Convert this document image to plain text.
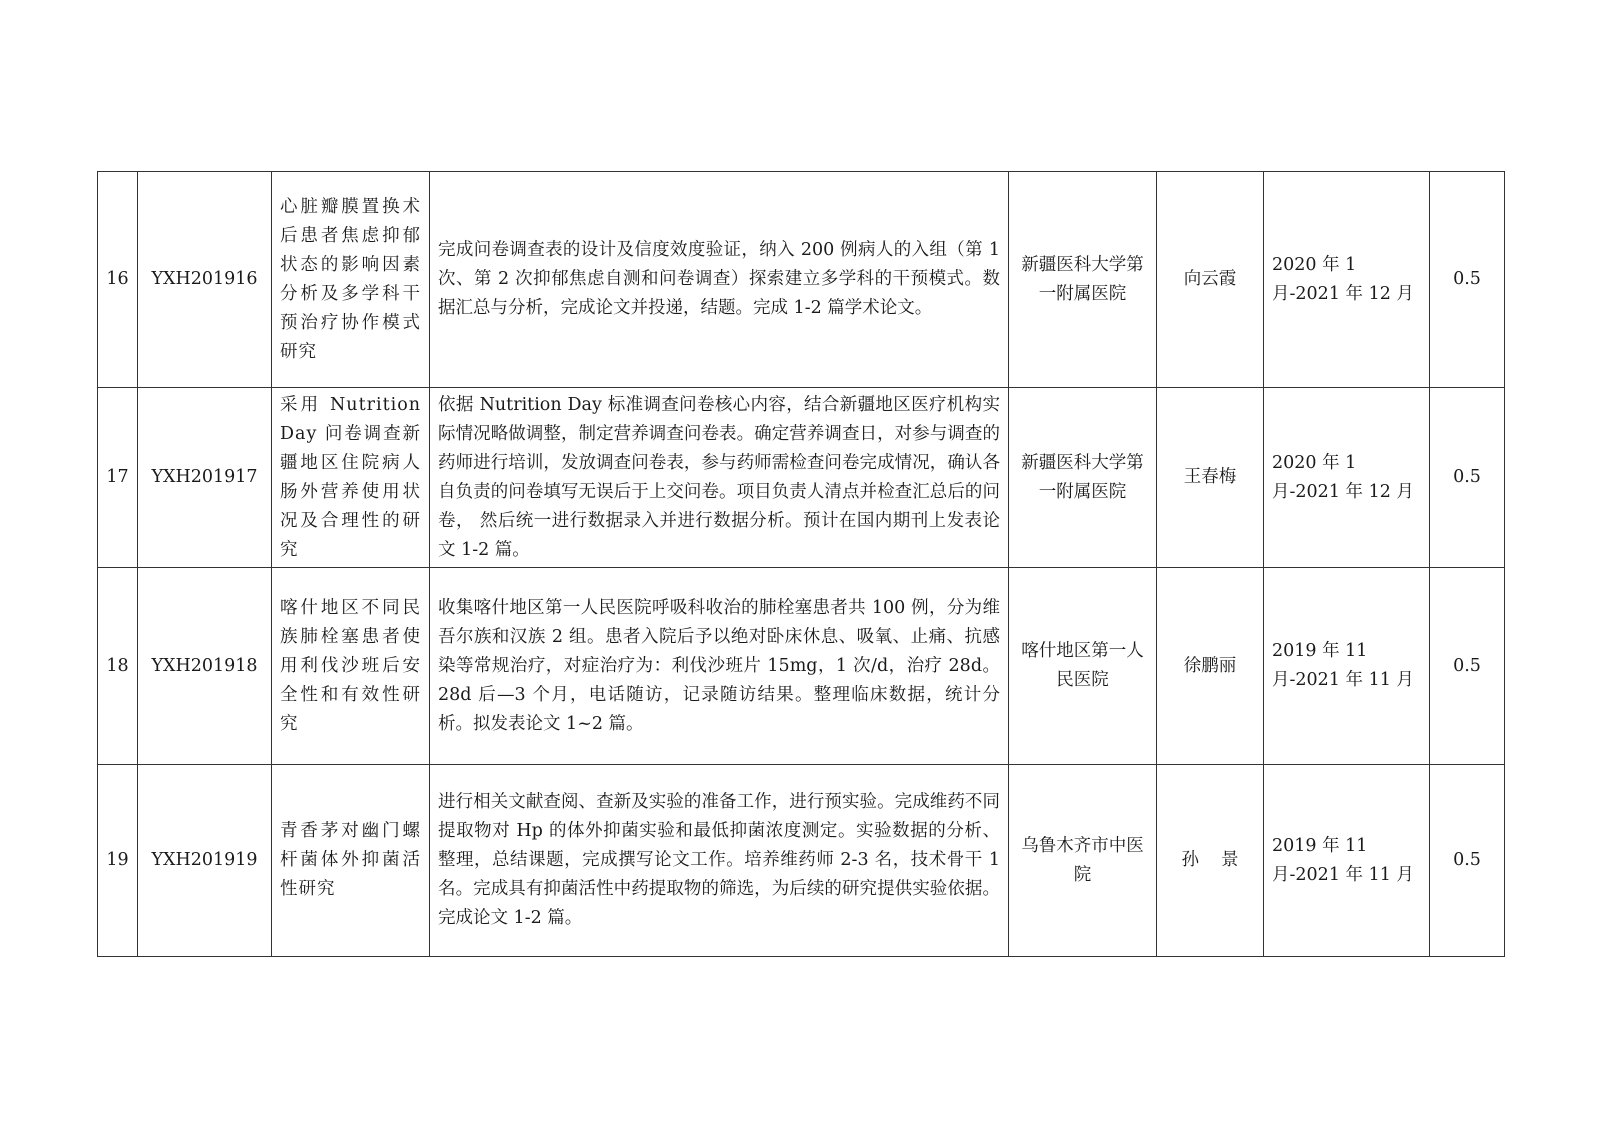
16	YXH201916	心脏瓣膜置换术后患者焦虑抑郁状态的影响因素分析及多学科干预治疗协作模式研究	完成问卷调查表的设计及信度效度验证，纳入 200 例病人的入组（第 1 次、第 2 次抑郁焦虑自测和问卷调查）探索建立多学科的干预模式。数据汇总与分析，完成论文并投递，结题。完成 1-2 篇学术论文。	新疆医科大学第一附属医院	向云霞	2020 年 1 月-2021 年 12 月	0.5
17	YXH201917	采用 Nutrition Day 问卷调查新疆地区住院病人肠外营养使用状况及合理性的研究	依据 Nutrition Day 标准调查问卷核心内容，结合新疆地区医疗机构实际情况略做调整，制定营养调查问卷表。确定营养调查日，对参与调查的药师进行培训，发放调查问卷表，参与药师需检查问卷完成情况，确认各自负责的问卷填写无误后于上交问卷。项目负责人清点并检查汇总后的问卷， 然后统一进行数据录入并进行数据分析。预计在国内期刊上发表论文 1-2 篇。	新疆医科大学第一附属医院	王春梅	2020 年 1 月-2021 年 12 月	0.5
18	YXH201918	喀什地区不同民族肺栓塞患者使用利伐沙班后安全性和有效性研究	收集喀什地区第一人民医院呼吸科收治的肺栓塞患者共 100 例，分为维吾尔族和汉族 2 组。患者入院后予以绝对卧床休息、吸氧、止痛、抗感染等常规治疗，对症治疗为：利伐沙班片 15mg，1 次/d，治疗 28d。28d 后—3 个月，电话随访，记录随访结果。整理临床数据，统计分析。拟发表论文 1~2 篇。	喀什地区第一人民医院	徐鹏丽	2019 年 11 月-2021 年 11 月	0.5
19	YXH201919	青香茅对幽门螺杆菌体外抑菌活性研究	进行相关文献查阅、查新及实验的准备工作，进行预实验。完成维药不同提取物对 Hp 的体外抑菌实验和最低抑菌浓度测定。实验数据的分析、整理，总结课题，完成撰写论文工作。培养维药师 2-3 名，技术骨干 1 名。完成具有抑菌活性中药提取物的筛选，为后续的研究提供实验依据。完成论文 1-2 篇。	乌鲁木齐市中医院	孙景	2019 年 11 月-2021 年 11 月	0.5
